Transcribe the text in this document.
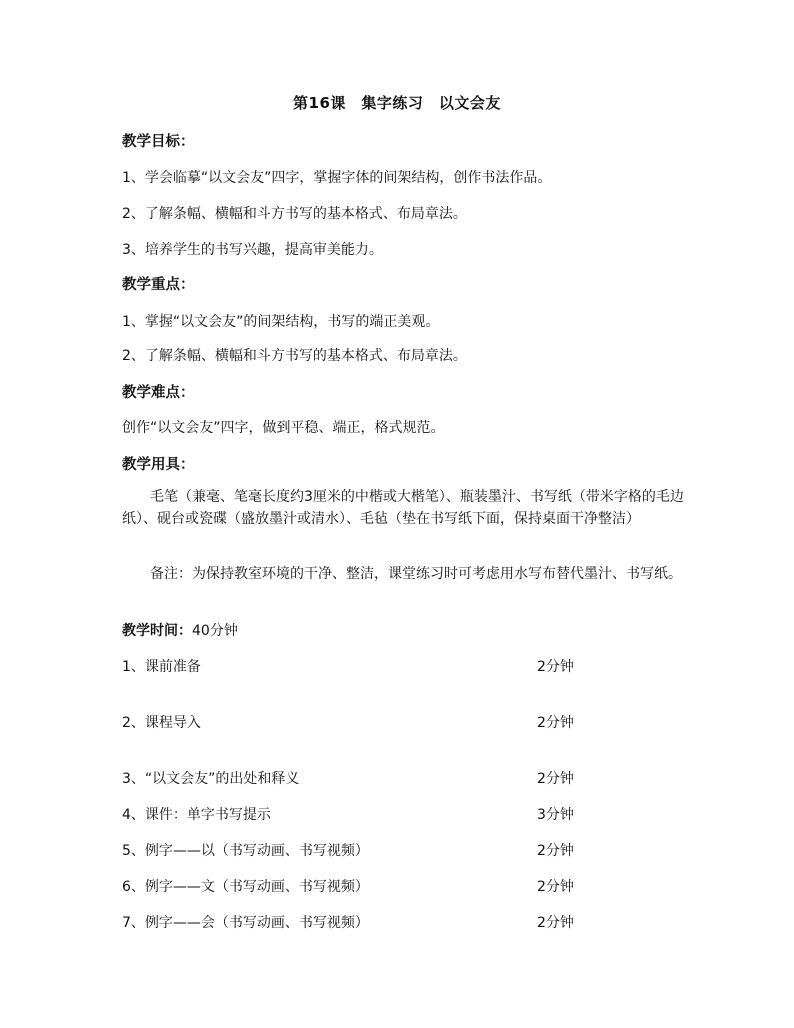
第16课　集字练习　以文会友
教学目标：
1、学会临摹“以文会友”四字，掌握字体的间架结构，创作书法作品。
2、了解条幅、横幅和斗方书写的基本格式、布局章法。
3、培养学生的书写兴趣，提高审美能力。
教学重点：
1、掌握“以文会友”的间架结构，书写的端正美观。
2、了解条幅、横幅和斗方书写的基本格式、布局章法。
教学难点：
创作“以文会友”四字，做到平稳、端正，格式规范。
教学用具：
毛笔（兼毫、笔毫长度约3厘米的中楷或大楷笔）、瓶装墨汁、书写纸（带米字格的毛边纸）、砚台或瓷碟（盛放墨汁或清水）、毛毡（垫在书写纸下面，保持桌面干净整洁）
备注：为保持教室环境的干净、整洁，课堂练习时可考虑用水写布替代墨汁、书写纸。
教学时间：40分钟
1、课前准备	2分钟
2、课程导入	2分钟
3、“以文会友”的出处和释义	2分钟
4、课件：单字书写提示	3分钟
5、例字——以（书写动画、书写视频）	2分钟
6、例字——文（书写动画、书写视频）	2分钟
7、例字——会（书写动画、书写视频）	2分钟
